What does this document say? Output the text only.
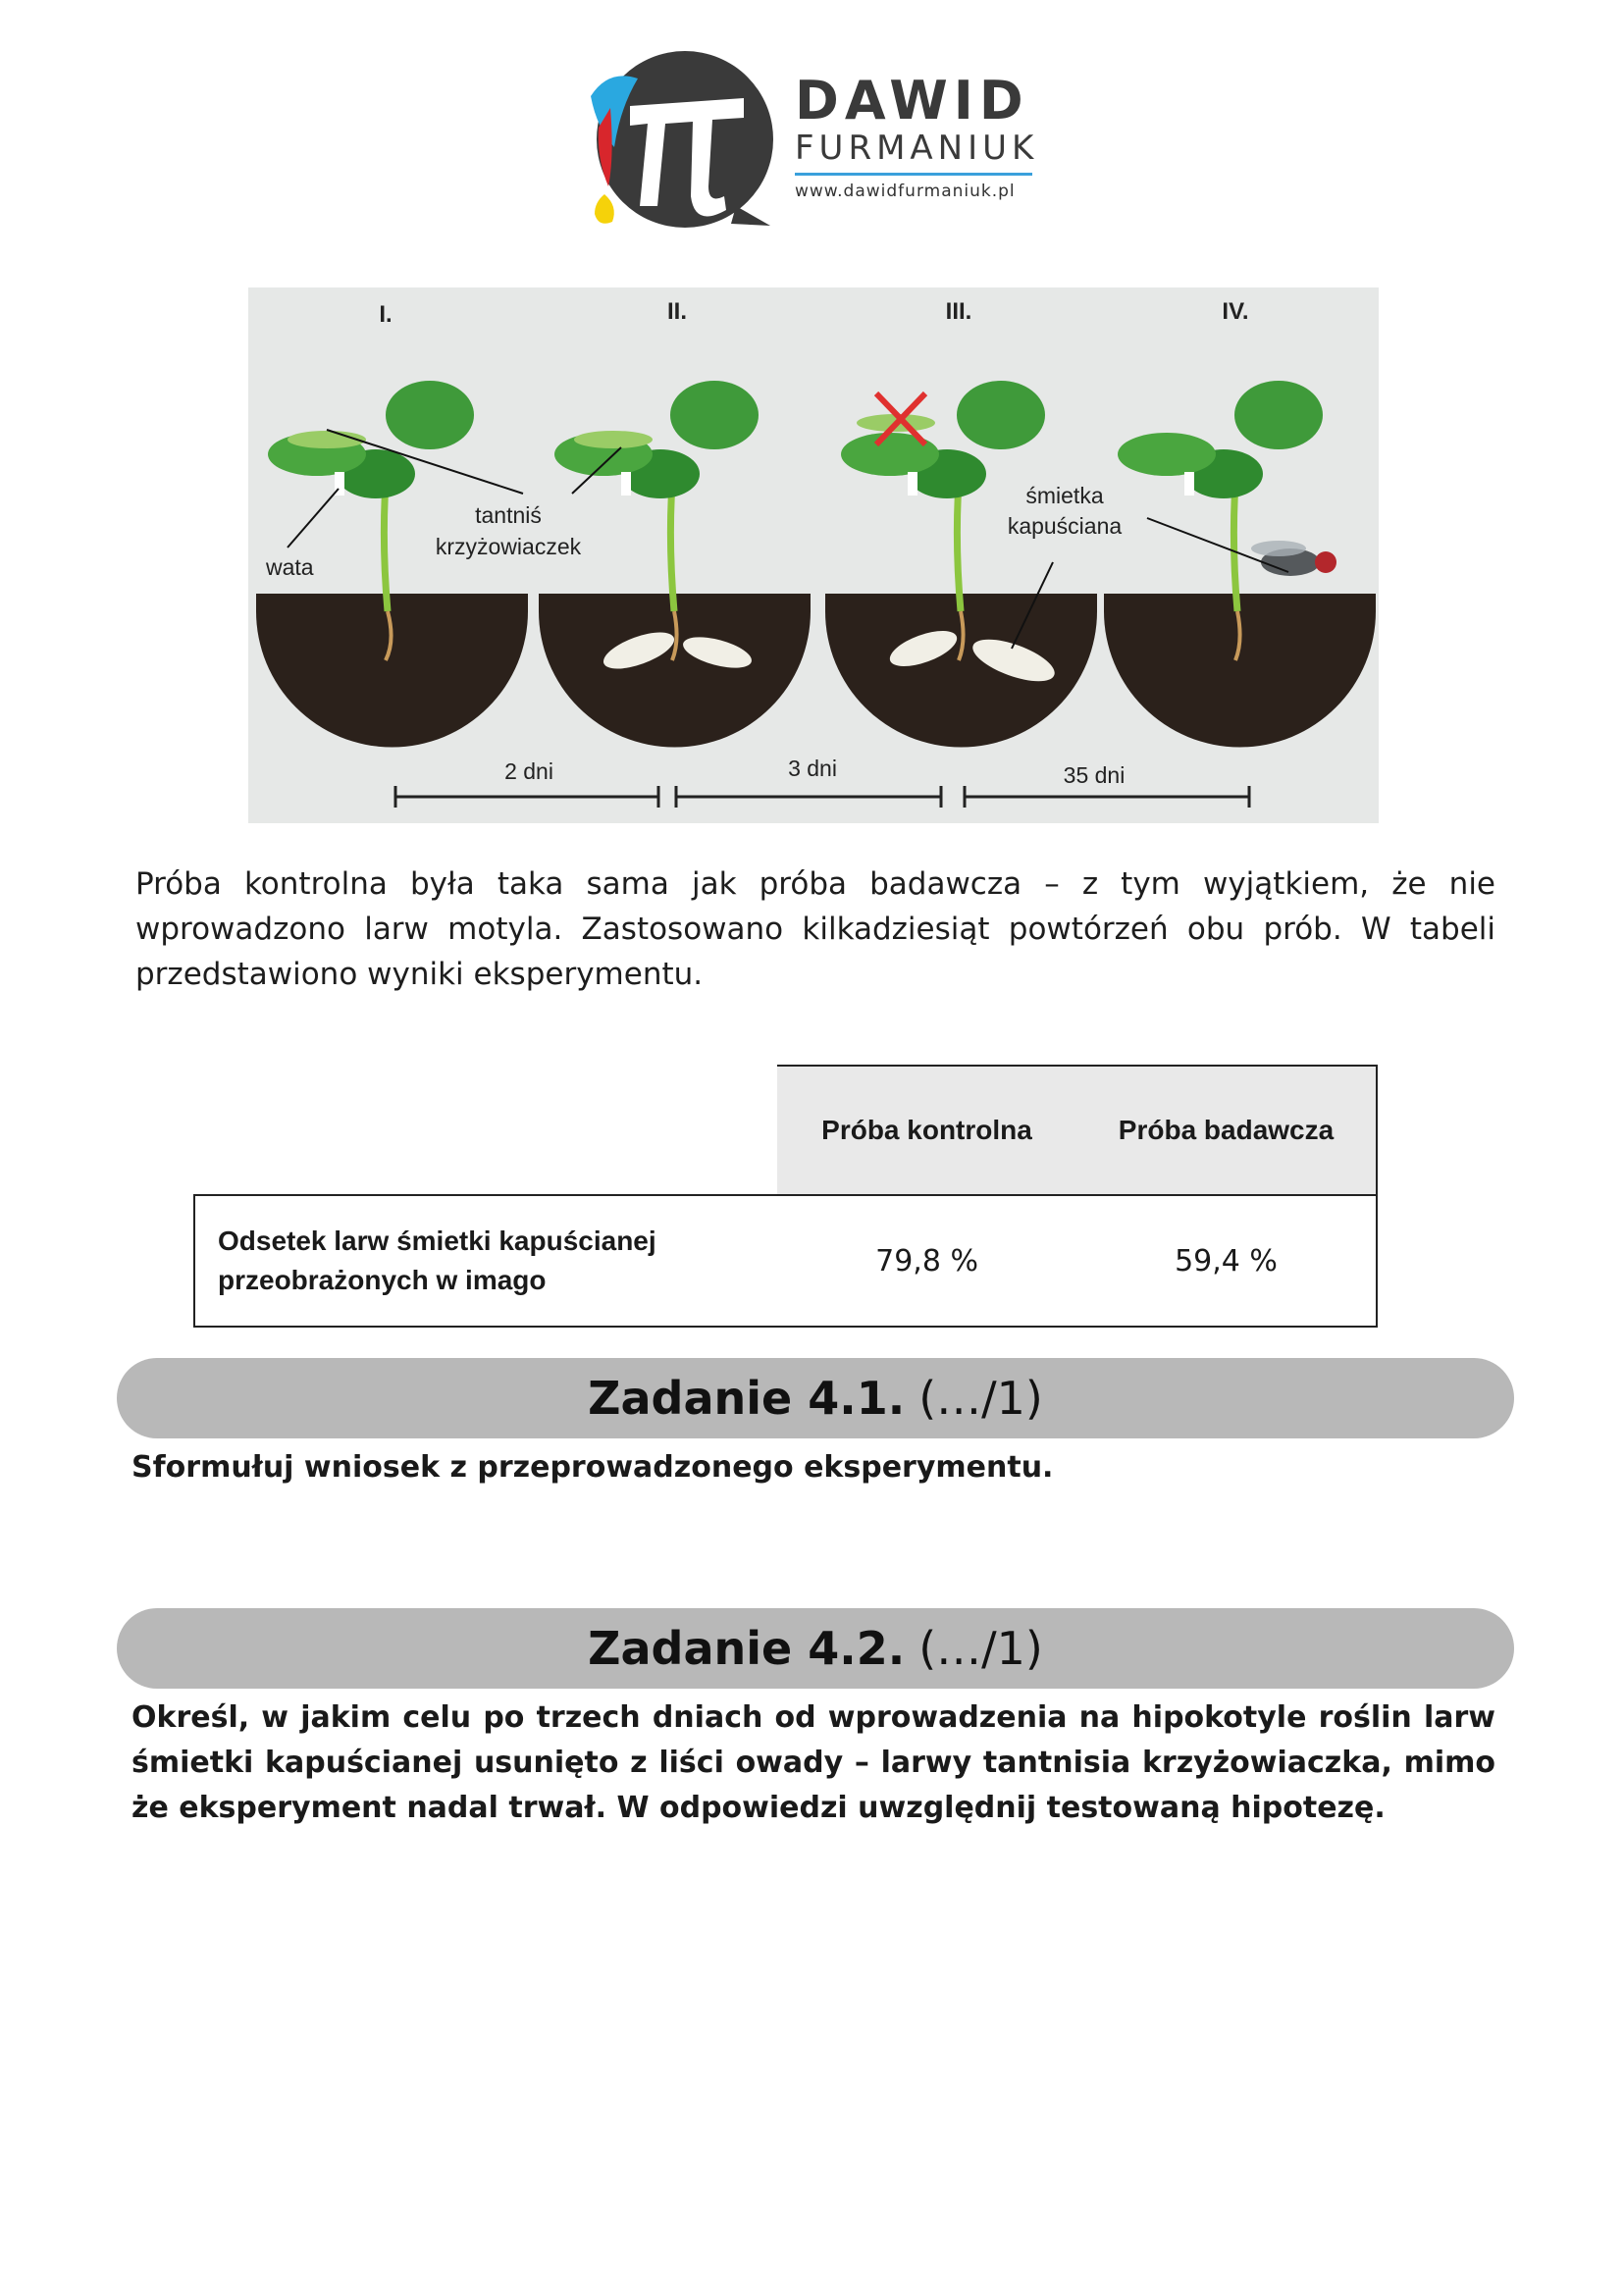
DAWID
FURMANIUK
www.dawidfurmaniuk.pl
I.	II.	III.	IV.
wata
tantniś
krzyżowiaczek
śmietka
kapuściana
2 dni	3 dni	35 dni
Próba kontrolna była taka sama jak próba badawcza – z tym wyjątkiem, że nie wprowadzono larw motyla. Zastosowano kilkadziesiąt powtórzeń obu prób. W tabeli przedstawiono wyniki eksperymentu.
Próba kontrolna	Próba badawcza
Odsetek larw śmietki kapuścianej
przeobrażonych w imago
79,8 %	59,4 %
Zadanie 4.1. (…/1)
Sformułuj wniosek z przeprowadzonego eksperymentu.
Zadanie 4.2. (…/1)
Określ, w jakim celu po trzech dniach od wprowadzenia na hipokotyle roślin larw śmietki kapuścianej usunięto z liści owady – larwy tantnisia krzyżowiaczka, mimo że eksperyment nadal trwał. W odpowiedzi uwzględnij testowaną hipotezę.
